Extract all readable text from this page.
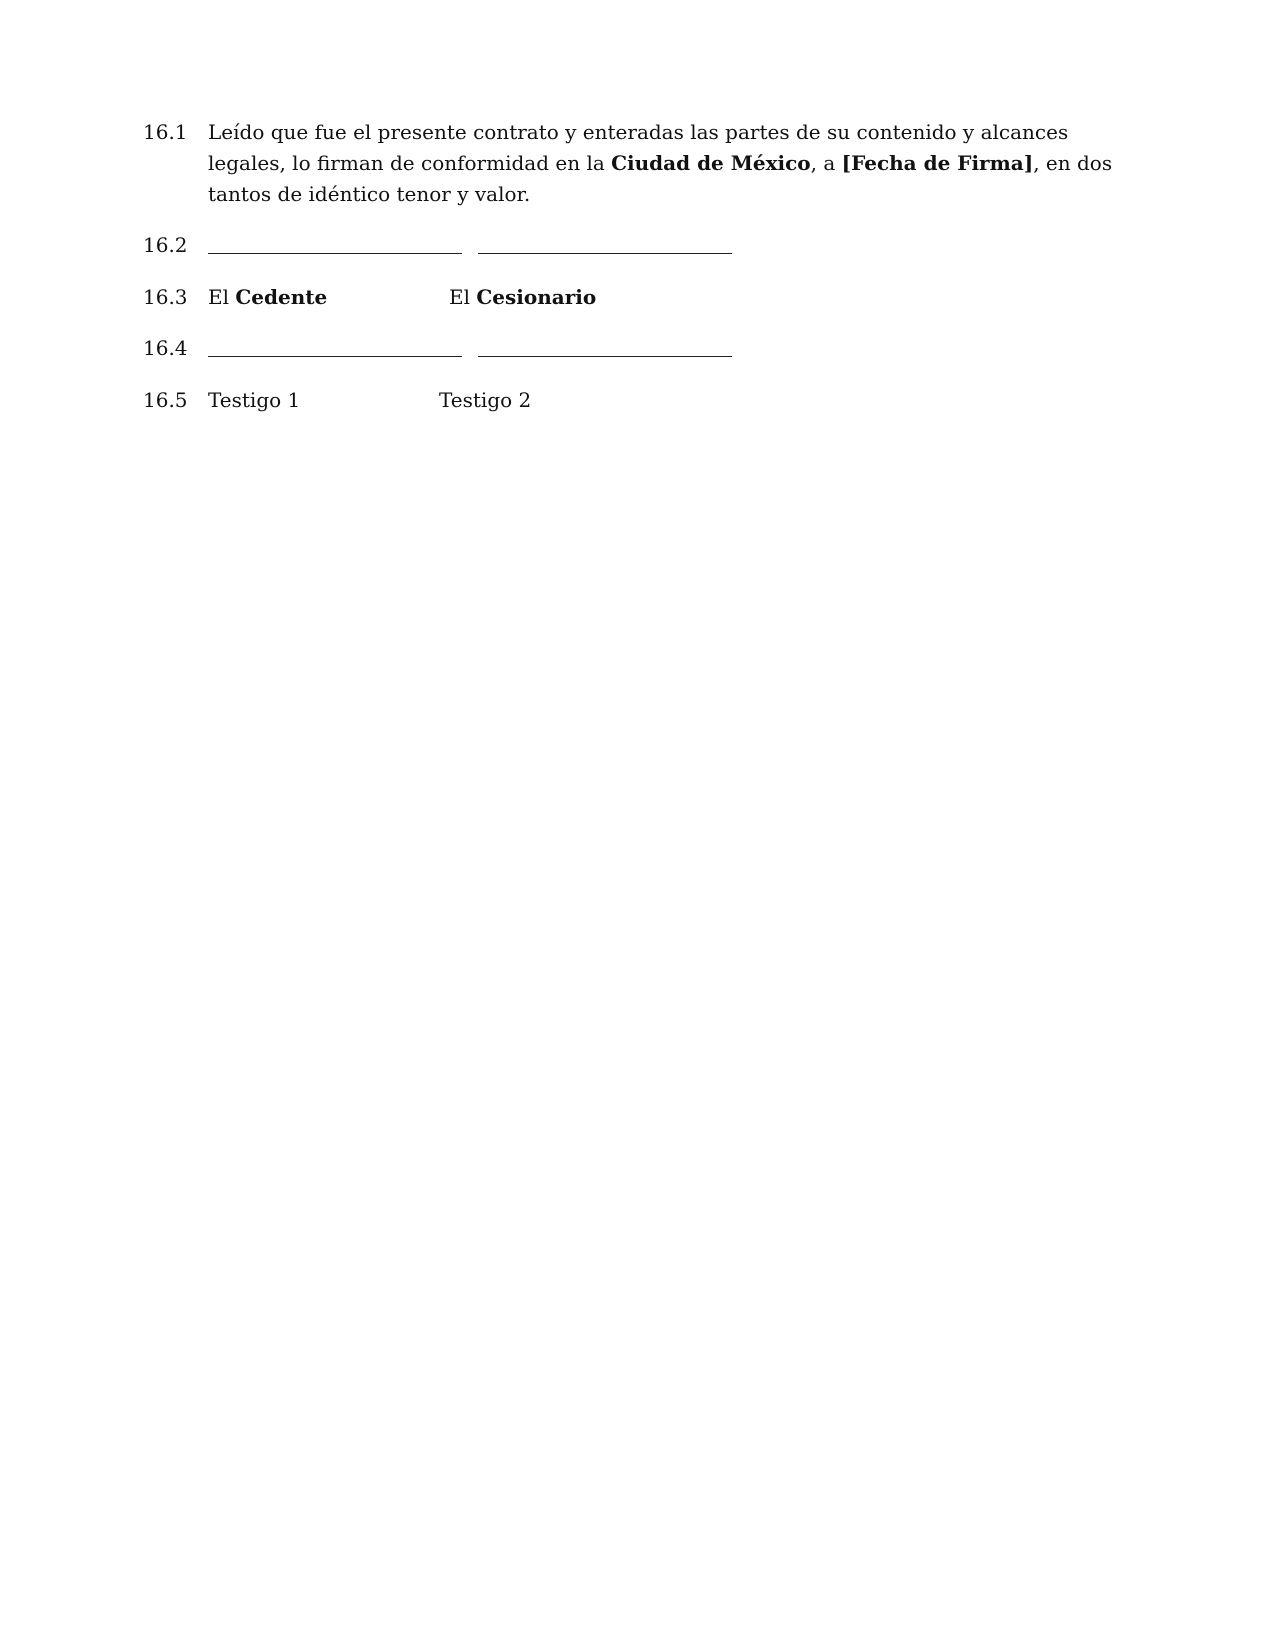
16.1	Leído que fue el presente contrato y enteradas las partes de su contenido y alcances legales, lo firman de conformidad en la Ciudad de México, a [Fecha de Firma], en dos tantos de idéntico tenor y valor.
16.2
16.3	El Cedente	El Cesionario
16.4
16.5	Testigo 1	Testigo 2
